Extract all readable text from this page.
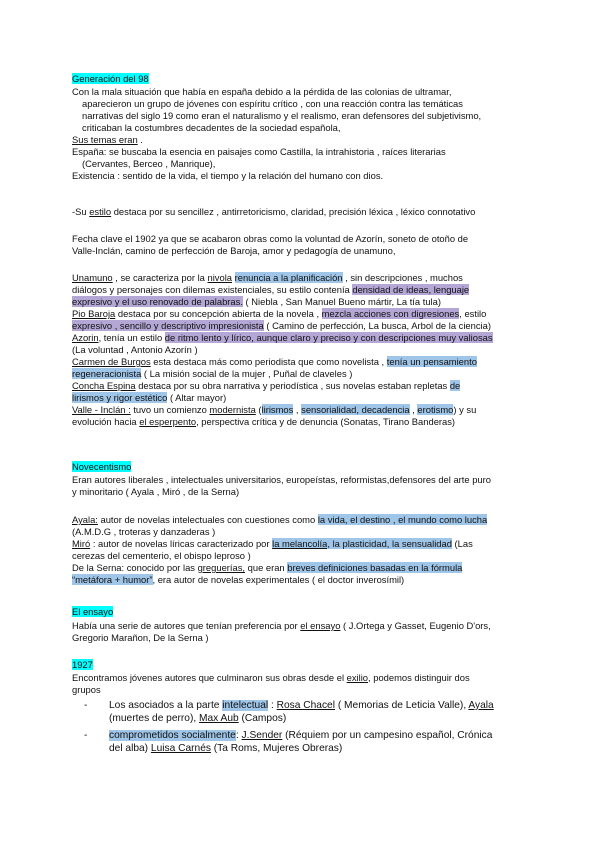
Generación del 98
Con la mala situación que había en españa debido a la pérdida de las colonias de ultramar,
aparecieron un grupo de jóvenes con espíritu crítico , con una reacción contra las temáticas
narrativas del siglo 19 como eran el naturalismo y el realismo, eran defensores del subjetivismo,
criticaban la costumbres decadentes de la sociedad española,
Sus temas eran .
España: se buscaba la esencia en paisajes como Castilla, la intrahistoria , raíces literarias
(Cervantes, Berceo , Manrique),
Existencia : sentido de la vida, el tiempo y la relación del humano con dios.
-Su estilo destaca por su sencillez , antirretoricismo, claridad, precisión léxica , léxico connotativo
Fecha clave el 1902 ya que se acabaron obras como la voluntad de Azorín, soneto de otoño de
Valle-Inclán, camino de perfección de Baroja, amor y pedagogía de unamuno,
Unamuno , se caracteriza por la nivola renuncia a la planificación , sin descripciones , muchos
diálogos y personajes con dilemas existenciales, su estilo contenía densidad de ideas, lenguaje
expresivo y el uso renovado de palabras. ( Niebla , San Manuel Bueno mártir, La tía tula)
Pio Baroja destaca por su concepción abierta de la novela , mezcla acciones con digresiones, estilo
expresivo , sencillo y descriptivo impresionista ( Camino de perfección, La busca, Arbol de la ciencia)
Azorin, tenía un estilo de ritmo lento y lírico, aunque claro y preciso y con descripciones muy valiosas
(La voluntad , Antonio Azorín )
Carmen de Burgos esta destaca más como periodista que como novelista , tenía un pensamiento
regeneracionista ( La misión social de la mujer , Puñal de claveles )
Concha Espina destaca por su obra narrativa y periodística , sus novelas estaban repletas de
lirismos y rigor estético ( Altar mayor)
Valle - Inclán : tuvo un comienzo modernista (lirismos , sensorialidad, decadencia , erotismo) y su
evolución hacia el esperpento, perspectiva crítica y de denuncia (Sonatas, Tirano Banderas)
Novecentismo
Eran autores liberales , intelectuales universitarios, europeístas, reformistas,defensores del arte puro
y minoritario ( Ayala , Miró , de la Serna)
Ayala: autor de novelas intelectuales con cuestiones como la vida, el destino , el mundo como lucha
(A.M.D.G , troteras y danzaderas )
Miró : autor de novelas líricas caracterizado por la melancolía, la plasticidad, la sensualidad (Las
cerezas del cementerio, el obispo leproso )
De la Serna: conocido por las greguerías, que eran breves definiciones basadas en la fórmula
“metáfora + humor”, era autor de novelas experimentales ( el doctor inverosímil)
El ensayo
Había una serie de autores que tenían preferencia por el ensayo ( J.Ortega y Gasset, Eugenio D'ors,
Gregorio Marañon, De la Serna )
1927
Encontramos jóvenes autores que culminaron sus obras desde el exilio, podemos distinguir dos
grupos
- Los asociados a la parte intelectual : Rosa Chacel ( Memorias de Leticia Valle), Ayala
(muertes de perro), Max Aub (Campos)
- comprometidos socialmente: J.Sender (Réquiem por un campesino español, Crónica
del alba) Luisa Carnés (Ta Roms, Mujeres Obreras)
